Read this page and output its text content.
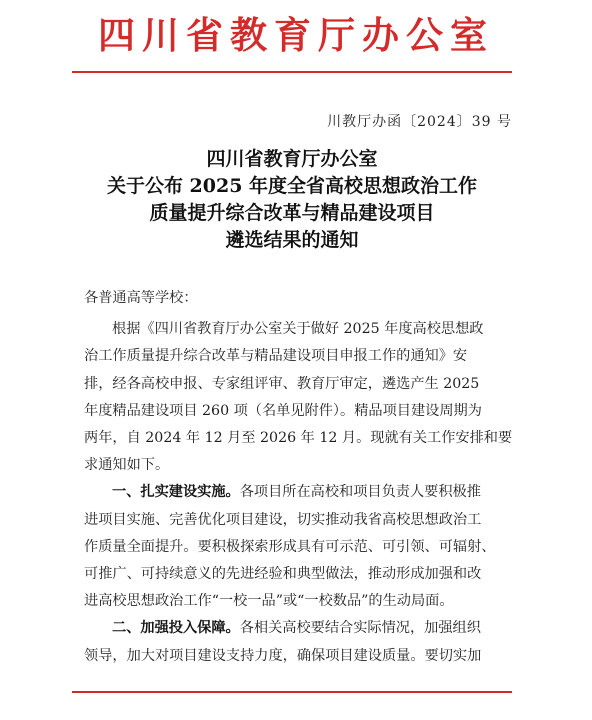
四川省教育厅办公室
川教厅办函〔2024〕39 号
四川省教育厅办公室
关于公布 2025 年度全省高校思想政治工作
质量提升综合改革与精品建设项目
遴选结果的通知
各普通高等学校：
根据《四川省教育厅办公室关于做好 2025 年度高校思想政
治工作质量提升综合改革与精品建设项目申报工作的通知》安
排，经各高校申报、专家组评审、教育厅审定，遴选产生 2025
年度精品建设项目 260 项（名单见附件）。精品项目建设周期为
两年，自 2024 年 12 月至 2026 年 12 月。现就有关工作安排和要
求通知如下。
一、扎实建设实施。各项目所在高校和项目负责人要积极推
进项目实施、完善优化项目建设，切实推动我省高校思想政治工
作质量全面提升。要积极探索形成具有可示范、可引领、可辐射、
可推广、可持续意义的先进经验和典型做法，推动形成加强和改
进高校思想政治工作“一校一品”或“一校数品”的生动局面。
二、加强投入保障。各相关高校要结合实际情况，加强组织
领导，加大对项目建设支持力度，确保项目建设质量。要切实加
